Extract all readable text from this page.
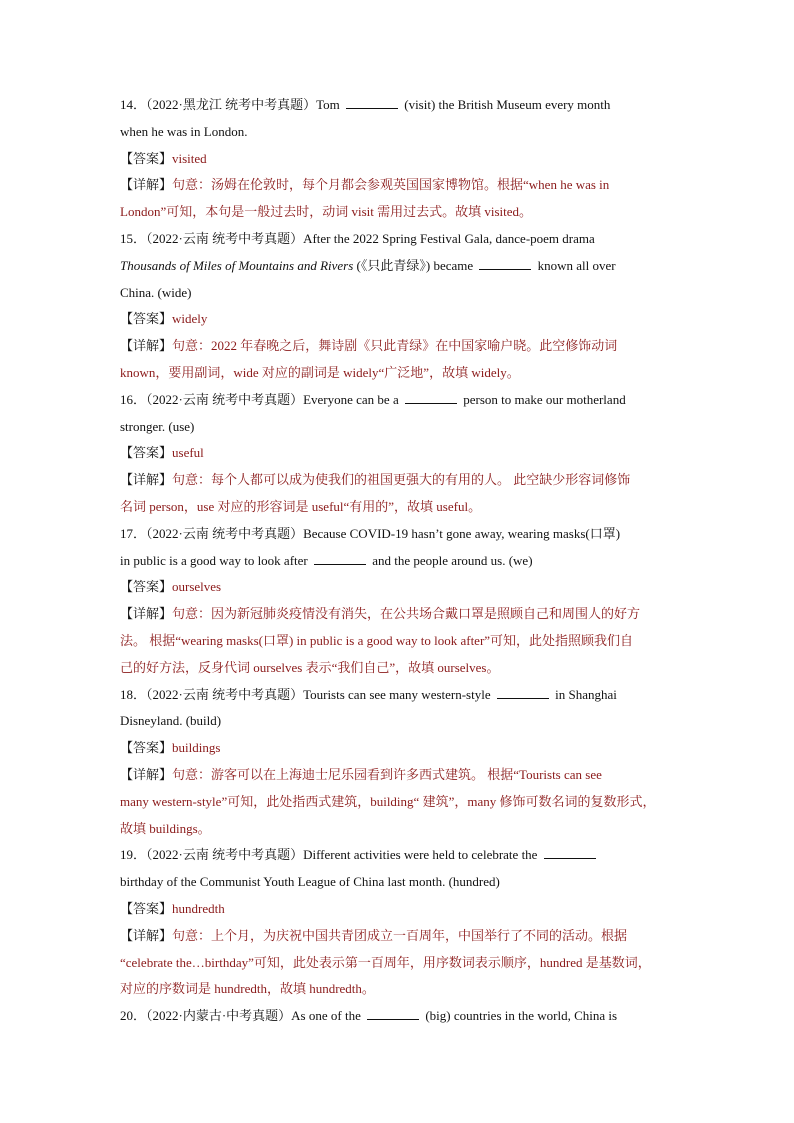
14．（2022·黑龙江 统考中考真题）Tom	(visit) the British Museum every month
when he was in London.
【答案】visited
【详解】句意：汤姆在伦敦时，每个月都会参观英国国家博物馆。根据“when he was in
London”可知，本句是一般过去时，动词 visit 需用过去式。故填 visited。
15．（2022·云南 统考中考真题）After the 2022 Spring Festival Gala, dance-poem drama
Thousands of Miles of Mountains and Rivers (《只此青绿》) became	known all over
China. (wide)
【答案】widely
【详解】句意：2022 年春晚之后，舞诗剧《只此青绿》在中国家喻户晓。此空修饰动词
known，要用副词，wide 对应的副词是 widely“广泛地”，故填 widely。
16．（2022·云南 统考中考真题）Everyone can be a	person to make our motherland
stronger. (use)
【答案】useful
【详解】句意：每个人都可以成为使我们的祖国更强大的有用的人。 此空缺少形容词修饰
名词 person，use 对应的形容词是 useful“有用的”，故填 useful。
17．（2022·云南 统考中考真题）Because COVID-19 hasn’t gone away, wearing masks(口罩)
in public is a good way to look after	and the people around us. (we)
【答案】ourselves
【详解】句意：因为新冠肺炎疫情没有消失，在公共场合戴口罩是照顾自己和周围人的好方
法。 根据“wearing masks(口罩) in public is a good way to look after”可知，此处指照顾我们自
己的好方法，反身代词 ourselves 表示“我们自己”，故填 ourselves。
18．（2022·云南 统考中考真题）Tourists can see many western-style	in Shanghai
Disneyland. (build)
【答案】buildings
【详解】句意：游客可以在上海迪士尼乐园看到许多西式建筑。 根据“Tourists can see
many western-style”可知，此处指西式建筑，building“ 建筑”，many 修饰可数名词的复数形式，
故填 buildings。
19．（2022·云南 统考中考真题）Different activities were held to celebrate the
birthday of the Communist Youth League of China last month. (hundred)
【答案】hundredth
【详解】句意：上个月，为庆祝中国共青团成立一百周年，中国举行了不同的活动。根据
“celebrate the…birthday”可知，此处表示第一百周年，用序数词表示顺序，hundred 是基数词，
对应的序数词是 hundredth，故填 hundredth。
20．（2022·内蒙古·中考真题）As one of the	(big) countries in the world, China is
